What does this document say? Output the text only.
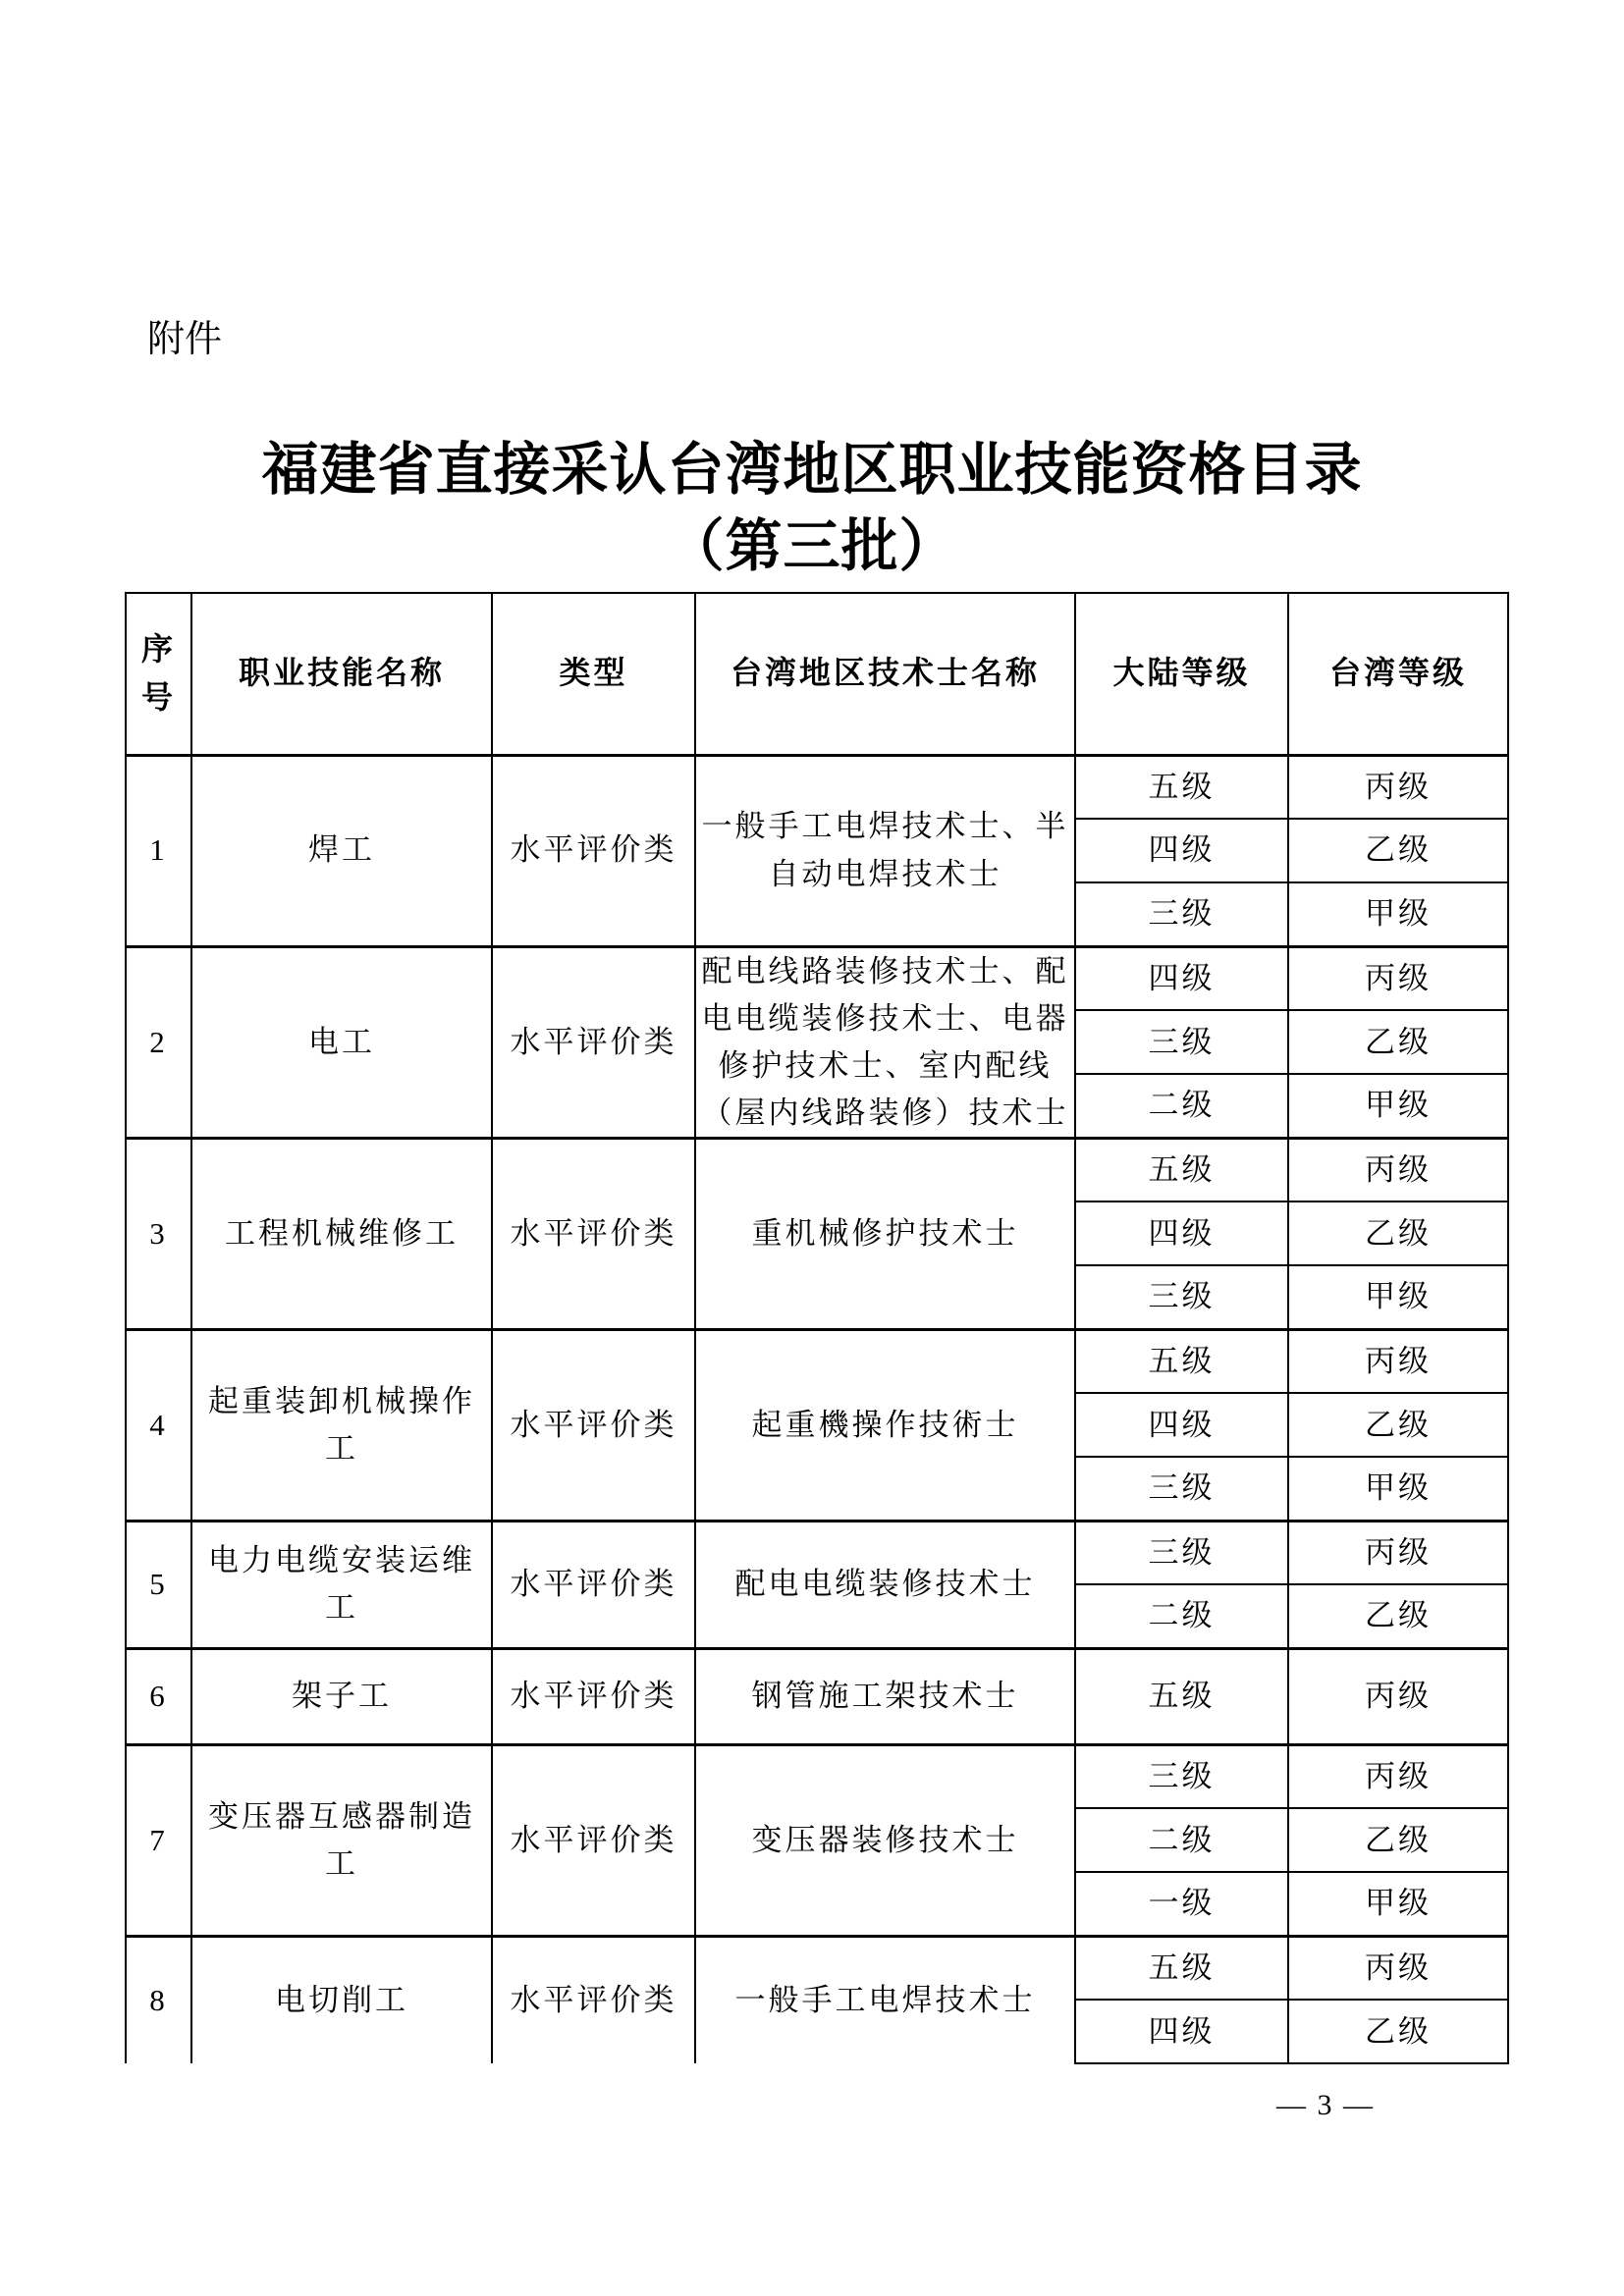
附件
福建省直接采认台湾地区职业技能资格目录
（第三批）
序号	职业技能名称	类型	台湾地区技术士名称	大陆等级	台湾等级
1	焊工	水平评价类	一般手工电焊技术士、半自动电焊技术士	五级	丙级
				四级	乙级
				三级	甲级
2	电工	水平评价类	配电线路装修技术士、配电电缆装修技术士、电器修护技术士、室内配线（屋内线路装修）技术士	四级	丙级
				三级	乙级
				二级	甲级
3	工程机械维修工	水平评价类	重机械修护技术士	五级	丙级
				四级	乙级
				三级	甲级
4	起重装卸机械操作工	水平评价类	起重機操作技術士	五级	丙级
				四级	乙级
				三级	甲级
5	电力电缆安装运维工	水平评价类	配电电缆装修技术士	三级	丙级
				二级	乙级
6	架子工	水平评价类	钢管施工架技术士	五级	丙级
7	变压器互感器制造工	水平评价类	变压器装修技术士	三级	丙级
				二级	乙级
				一级	甲级
8	电切削工	水平评价类	一般手工电焊技术士	五级	丙级
				四级	乙级
— 3 —
